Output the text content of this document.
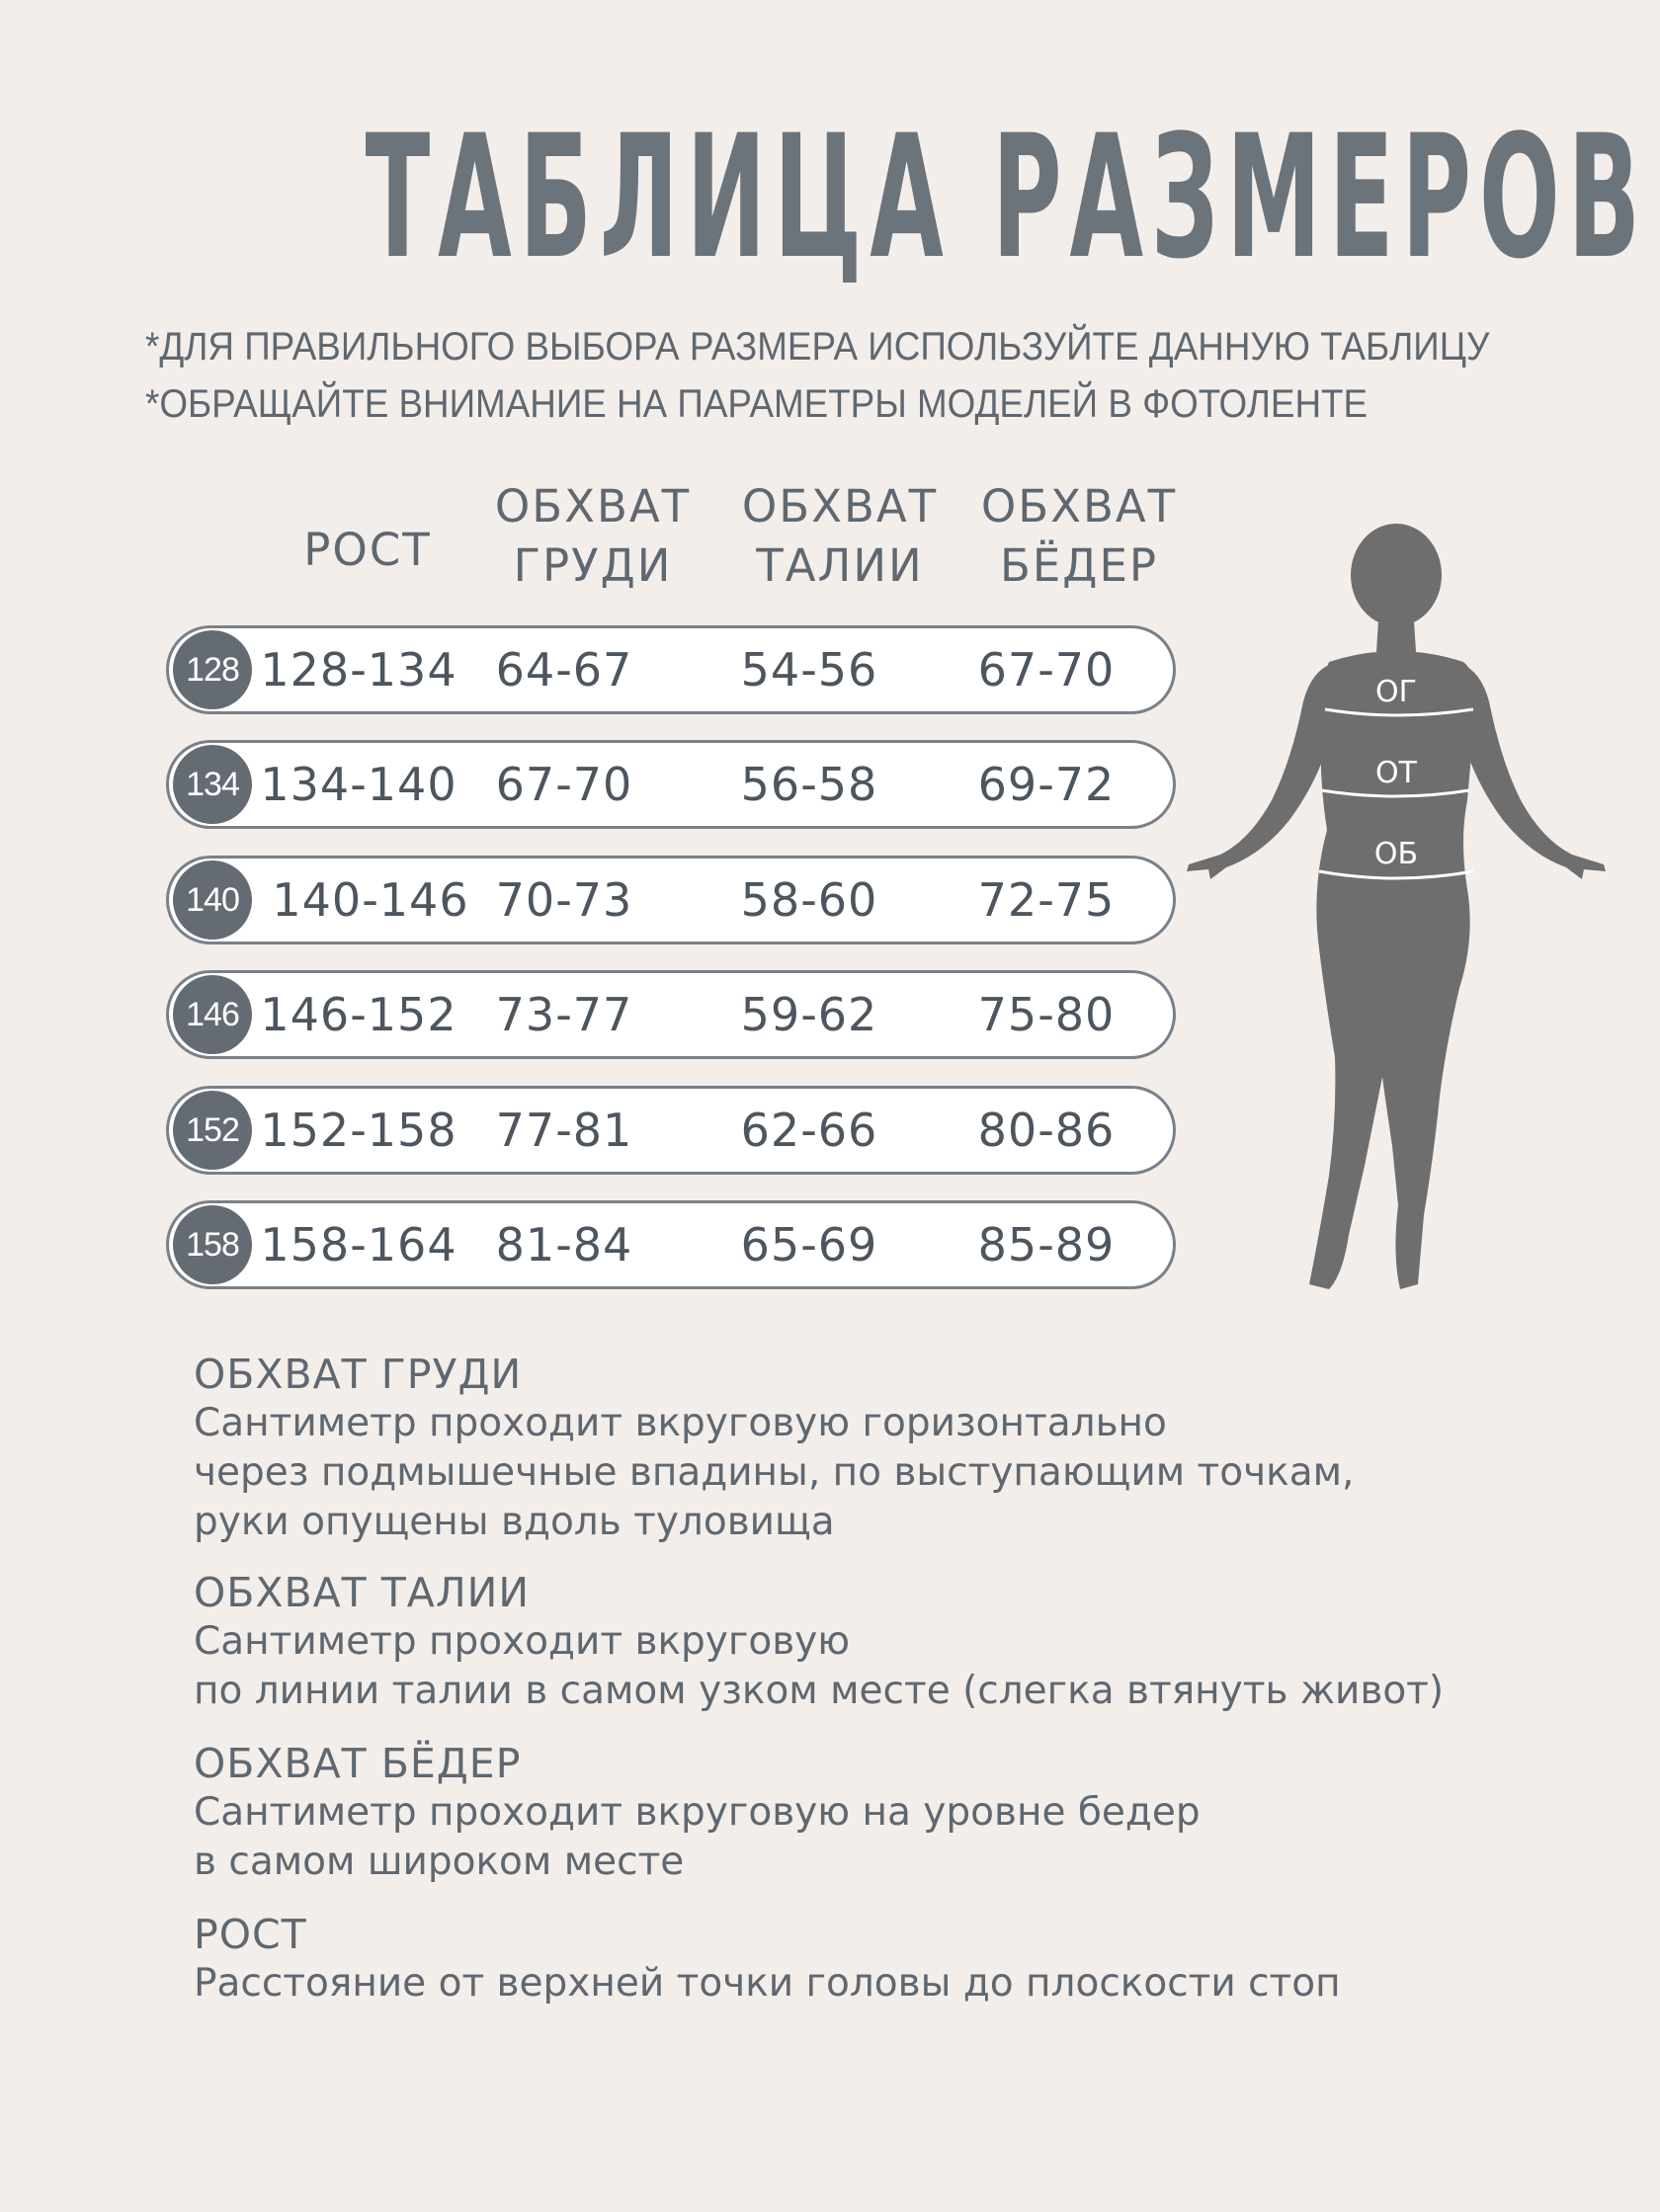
ТАБЛИЦА РАЗМЕРОВ
*ДЛЯ ПРАВИЛЬНОГО ВЫБОРА РАЗМЕРА ИСПОЛЬЗУЙТЕ ДАННУЮ ТАБЛИЦУ
*ОБРАЩАЙТЕ ВНИМАНИЕ НА ПАРАМЕТРЫ МОДЕЛЕЙ В ФОТОЛЕНТЕ
РОСТ
ОБХВАТ
ГРУДИ
ОБХВАТ
ТАЛИИ
ОБХВАТ
БЁДЕР
128 128-134 64-67	54-56	67-70
134 134-140 67-70	56-58	69-72
140 140-146 70-73	58-60	72-75
146 146-152 73-77	59-62	75-80
152 152-158 77-81	62-66	80-86
158 158-164 81-84	65-69	85-89
ОГ
ОТ
ОБ
ОБХВАТ ГРУДИ
Сантиметр проходит вкруговую горизонтально
через подмышечные впадины, по выступающим точкам,
руки опущены вдоль туловища
ОБХВАТ ТАЛИИ
Сантиметр проходит вкруговую
по линии талии в самом узком месте (слегка втянуть живот)
ОБХВАТ БЁДЕР
Сантиметр проходит вкруговую на уровне бедер
в самом широком месте
РОСТ
Расстояние от верхней точки головы до плоскости стоп
